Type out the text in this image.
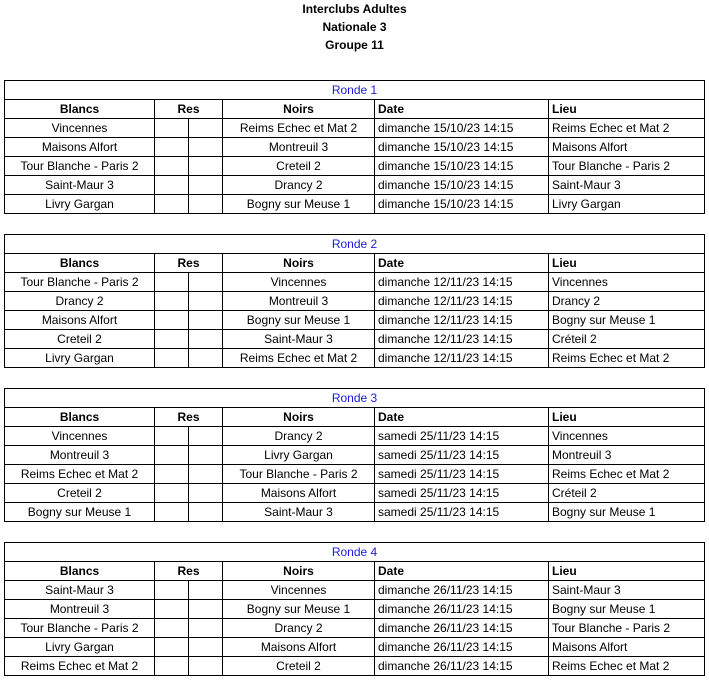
Interclubs Adultes
Nationale 3
Groupe 11
Ronde 1					
Blancs	Res		Noirs	Date	Lieu
Vincennes			Reims Echec et Mat 2	dimanche 15/10/23 14:15	Reims Echec et Mat 2
Maisons Alfort			Montreuil 3	dimanche 15/10/23 14:15	Maisons Alfort
Tour Blanche - Paris 2			Creteil 2	dimanche 15/10/23 14:15	Tour Blanche - Paris 2
Saint-Maur 3			Drancy 2	dimanche 15/10/23 14:15	Saint-Maur 3
Livry Gargan			Bogny sur Meuse 1	dimanche 15/10/23 14:15	Livry Gargan
Ronde 2					
Blancs	Res		Noirs	Date	Lieu
Tour Blanche - Paris 2			Vincennes	dimanche 12/11/23 14:15	Vincennes
Drancy 2			Montreuil 3	dimanche 12/11/23 14:15	Drancy 2
Maisons Alfort			Bogny sur Meuse 1	dimanche 12/11/23 14:15	Bogny sur Meuse 1
Creteil 2			Saint-Maur 3	dimanche 12/11/23 14:15	Créteil 2
Livry Gargan			Reims Echec et Mat 2	dimanche 12/11/23 14:15	Reims Echec et Mat 2
Ronde 3					
Blancs	Res		Noirs	Date	Lieu
Vincennes			Drancy 2	samedi 25/11/23 14:15	Vincennes
Montreuil 3			Livry Gargan	samedi 25/11/23 14:15	Montreuil 3
Reims Echec et Mat 2			Tour Blanche - Paris 2	samedi 25/11/23 14:15	Reims Echec et Mat 2
Creteil 2			Maisons Alfort	samedi 25/11/23 14:15	Créteil 2
Bogny sur Meuse 1			Saint-Maur 3	samedi 25/11/23 14:15	Bogny sur Meuse 1
Ronde 4					
Blancs	Res		Noirs	Date	Lieu
Saint-Maur 3			Vincennes	dimanche 26/11/23 14:15	Saint-Maur 3
Montreuil 3			Bogny sur Meuse 1	dimanche 26/11/23 14:15	Bogny sur Meuse 1
Tour Blanche - Paris 2			Drancy 2	dimanche 26/11/23 14:15	Tour Blanche - Paris 2
Livry Gargan			Maisons Alfort	dimanche 26/11/23 14:15	Maisons Alfort
Reims Echec et Mat 2			Creteil 2	dimanche 26/11/23 14:15	Reims Echec et Mat 2
